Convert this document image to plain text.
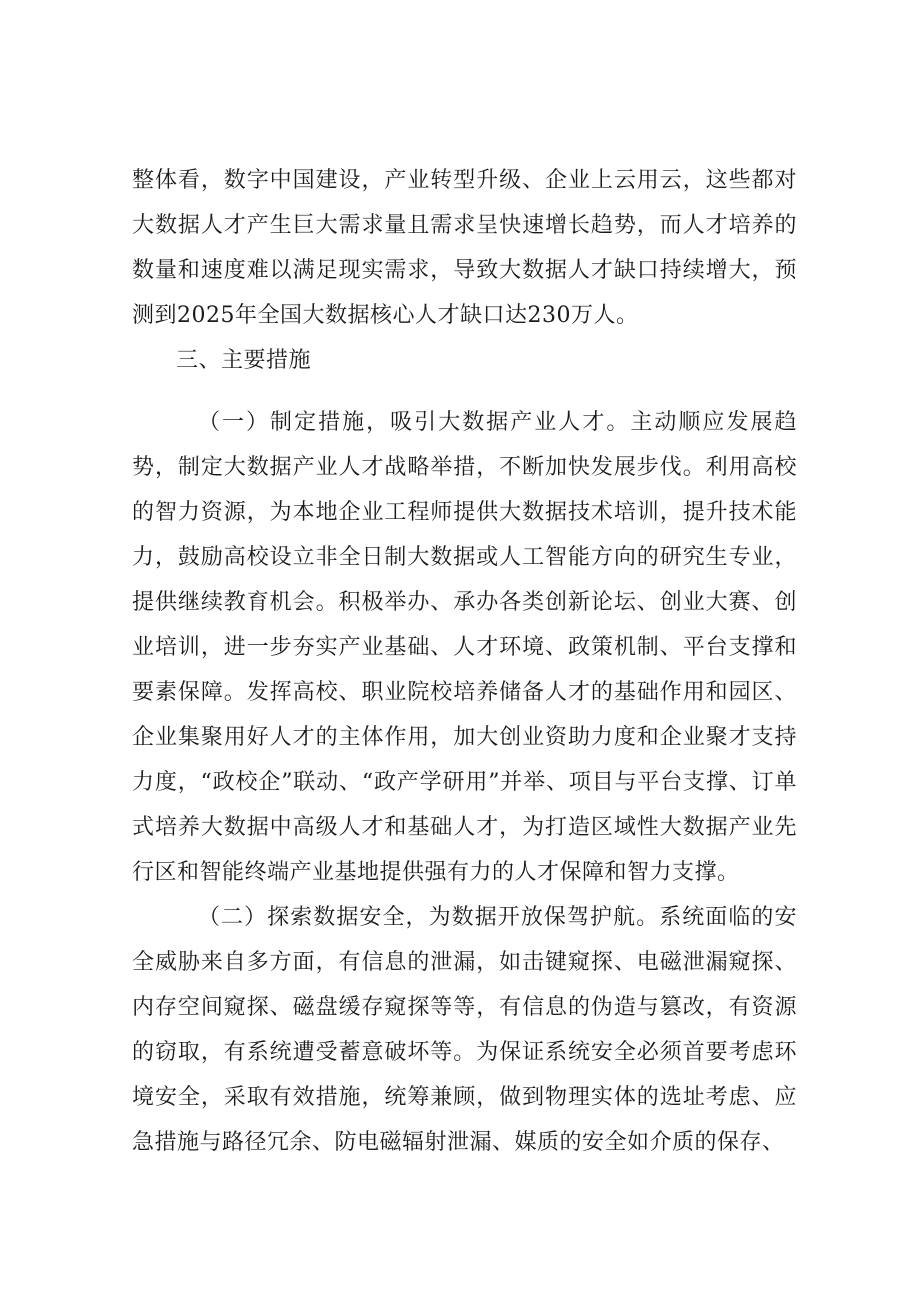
整体看，数字中国建设，产业转型升级、企业上云用云，这些都对大数据人才产生巨大需求量且需求呈快速增长趋势，而人才培养的数量和速度难以满足现实需求，导致大数据人才缺口持续增大，预测到2025年全国大数据核心人才缺口达230万人。

三、主要措施

（一）制定措施，吸引大数据产业人才。主动顺应发展趋势，制定大数据产业人才战略举措，不断加快发展步伐。利用高校的智力资源，为本地企业工程师提供大数据技术培训，提升技术能力，鼓励高校设立非全日制大数据或人工智能方向的研究生专业，提供继续教育机会。积极举办、承办各类创新论坛、创业大赛、创业培训，进一步夯实产业基础、人才环境、政策机制、平台支撑和要素保障。发挥高校、职业院校培养储备人才的基础作用和园区、企业集聚用好人才的主体作用，加大创业资助力度和企业聚才支持力度，“政校企”联动、“政产学研用”并举、项目与平台支撑、订单式培养大数据中高级人才和基础人才，为打造区域性大数据产业先行区和智能终端产业基地提供强有力的人才保障和智力支撑。

（二）探索数据安全，为数据开放保驾护航。系统面临的安全威胁来自多方面，有信息的泄漏，如击键窥探、电磁泄漏窥探、内存空间窥探、磁盘缓存窥探等等，有信息的伪造与篡改，有资源的窃取，有系统遭受蓄意破坏等。为保证系统安全必须首要考虑环境安全，采取有效措施，统筹兼顾，做到物理实体的选址考虑、应急措施与路径冗余、防电磁辐射泄漏、媒质的安全如介质的保存、
